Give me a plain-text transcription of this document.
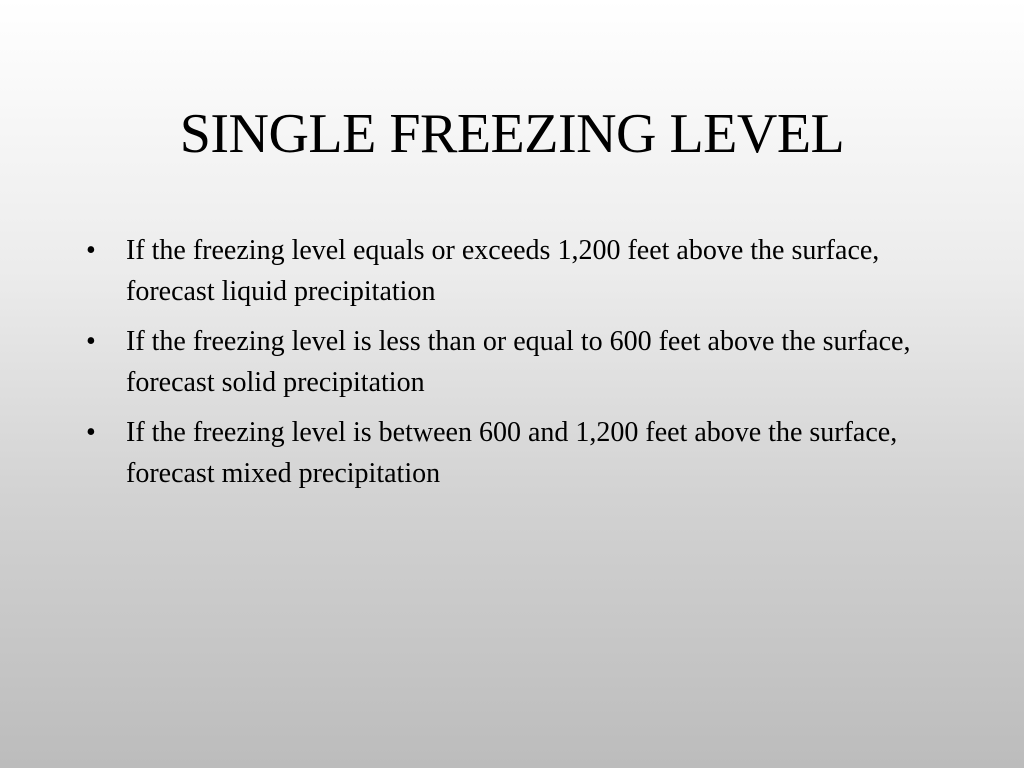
SINGLE FREEZING LEVEL
•	If the freezing level equals or exceeds 1,200 feet above the surface, forecast liquid precipitation
•	If the freezing level is less than or equal to 600 feet above the surface, forecast solid precipitation
•	If the freezing level is between 600 and 1,200 feet above the surface, forecast mixed precipitation
